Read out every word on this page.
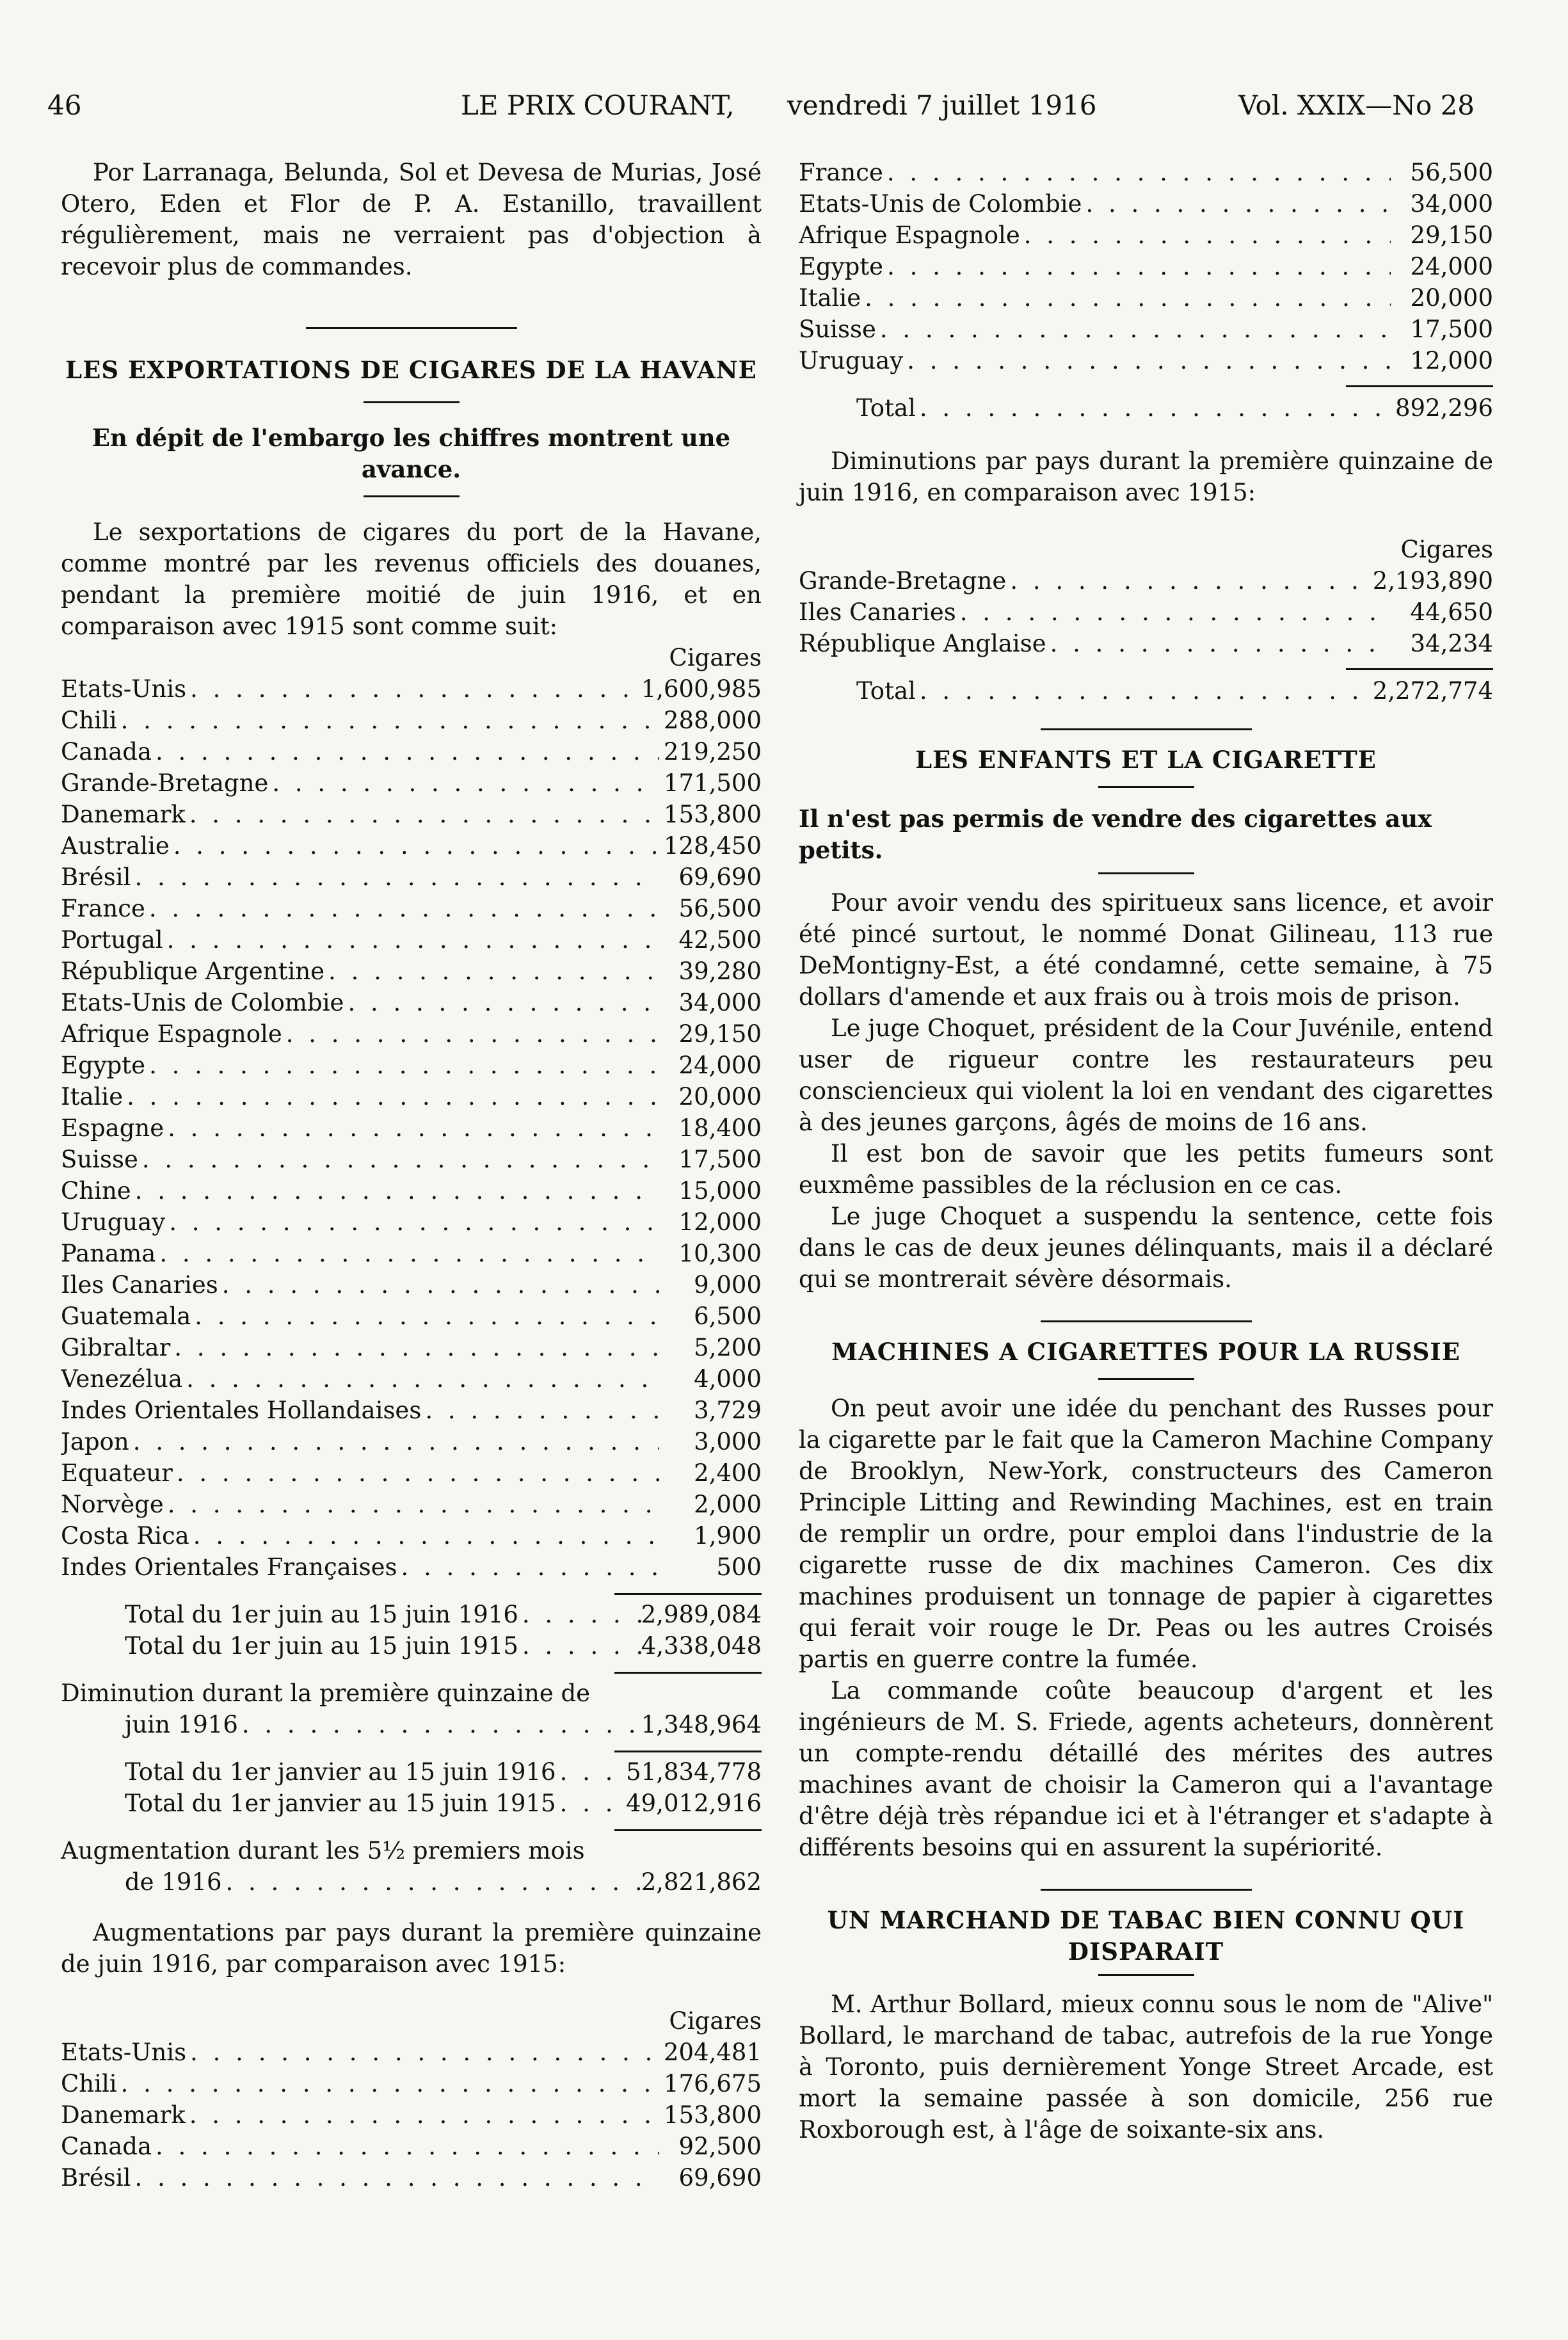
46	LE PRIX COURANT, vendredi 7 juillet 1916	Vol. XXIX—No 28

Por Larranaga, Belunda, Sol et Devesa de Murias, José Otero, Eden et Flor de P. A. Estanillo, travaillent régulièrement, mais ne verraient pas d'objection à recevoir plus de commandes.

LES EXPORTATIONS DE CIGARES DE LA HAVANE
En dépit de l'embargo les chiffres montrent une avance.

Le sexportations de cigares du port de la Havane, comme montré par les revenus officiels des douanes, pendant la première moitié de juin 1916, et en comparaison avec 1915 sont comme suit:

Cigares
Etats-Unis . . .	1,600,985
Chili . . .	288,000
Canada . . .	219,250
Grande-Bretagne . . .	171,500
Danemark . . .	153,800
Australie . . .	128,450
Brésil . . .	69,690
France . . .	56,500
Portugal . . .	42,500
République Argentine . . .	39,280
Etats-Unis de Colombie . . .	34,000
Afrique Espagnole . . .	29,150
Egypte . . .	24,000
Italie . . .	20,000
Espagne . . .	18,400
Suisse . . .	17,500
Chine . . .	15,000
Uruguay . . .	12,000
Panama . . .	10,300
Iles Canaries . . .	9,000
Guatemala . . .	6,500
Gibraltar . . .	5,200
Venezélua . . .	4,000
Indes Orientales Hollandaises . . .	3,729
Japon . . .	3,000
Equateur . . .	2,400
Norvège . . .	2,000
Costa Rica . . .	1,900
Indes Orientales Françaises . . .	500
Total du 1er juin au 15 juin 1916 . . .	2,989,084
Total du 1er juin au 15 juin 1915 . . .	4,338,048
Diminution durant la première quinzaine de
juin 1916 . . .	1,348,964
Total du 1er janvier au 15 juin 1916 . . .	51,834,778
Total du 1er janvier au 15 juin 1915 . . .	49,012,916
Augmentation durant les 5½ premiers mois
de 1916 . . .	2,821,862

Augmentations par pays durant la première quinzaine de juin 1916, par comparaison avec 1915:

Cigares
Etats-Unis . . .	204,481
Chili . . .	176,675
Danemark . . .	153,800
Canada . . .	92,500
Brésil . . .	69,690
France . . .	56,500
Etats-Unis de Colombie . . .	34,000
Afrique Espagnole . . .	29,150
Egypte . . .	24,000
Italie . . .	20,000
Suisse . . .	17,500
Uruguay . . .	12,000
Total . . .	892,296

Diminutions par pays durant la première quinzaine de juin 1916, en comparaison avec 1915:

Cigares
Grande-Bretagne . . .	2,193,890
Iles Canaries . . .	44,650
République Anglaise . . .	34,234
Total . . .	2,272,774
LES ENFANTS ET LA CIGARETTE
Il n'est pas permis de vendre des cigarettes aux petits.

Pour avoir vendu des spiritueux sans licence, et avoir été pincé surtout, le nommé Donat Gilineau, 113 rue DeMontigny-Est, a été condamné, cette semaine, à 75 dollars d'amende et aux frais ou à trois mois de prison.

Le juge Choquet, président de la Cour Juvénile, entend user de rigueur contre les restaurateurs peu consciencieux qui violent la loi en vendant des cigarettes à des jeunes garçons, âgés de moins de 16 ans.

Il est bon de savoir que les petits fumeurs sont euxmême passibles de la réclusion en ce cas.

Le juge Choquet a suspendu la sentence, cette fois dans le cas de deux jeunes délinquants, mais il a déclaré qui se montrerait sévère désormais.

MACHINES A CIGARETTES POUR LA RUSSIE

On peut avoir une idée du penchant des Russes pour la cigarette par le fait que la Cameron Machine Company de Brooklyn, New-York, constructeurs des Cameron Principle Litting and Rewinding Machines, est en train de remplir un ordre, pour emploi dans l'industrie de la cigarette russe de dix machines Cameron. Ces dix machines produisent un tonnage de papier à cigarettes qui ferait voir rouge le Dr. Peas ou les autres Croisés partis en guerre contre la fumée.

La commande coûte beaucoup d'argent et les ingénieurs de M. S. Friede, agents acheteurs, donnèrent un compte-rendu détaillé des mérites des autres machines avant de choisir la Cameron qui a l'avantage d'être déjà très répandue ici et à l'étranger et s'adapte à différents besoins qui en assurent la supériorité.

UN MARCHAND DE TABAC BIEN CONNU QUI DISPARAIT

M. Arthur Bollard, mieux connu sous le nom de "Alive" Bollard, le marchand de tabac, autrefois de la rue Yonge à Toronto, puis dernièrement Yonge Street Arcade, est mort la semaine passée à son domicile, 256 rue Roxborough est, à l'âge de soixante-six ans.
